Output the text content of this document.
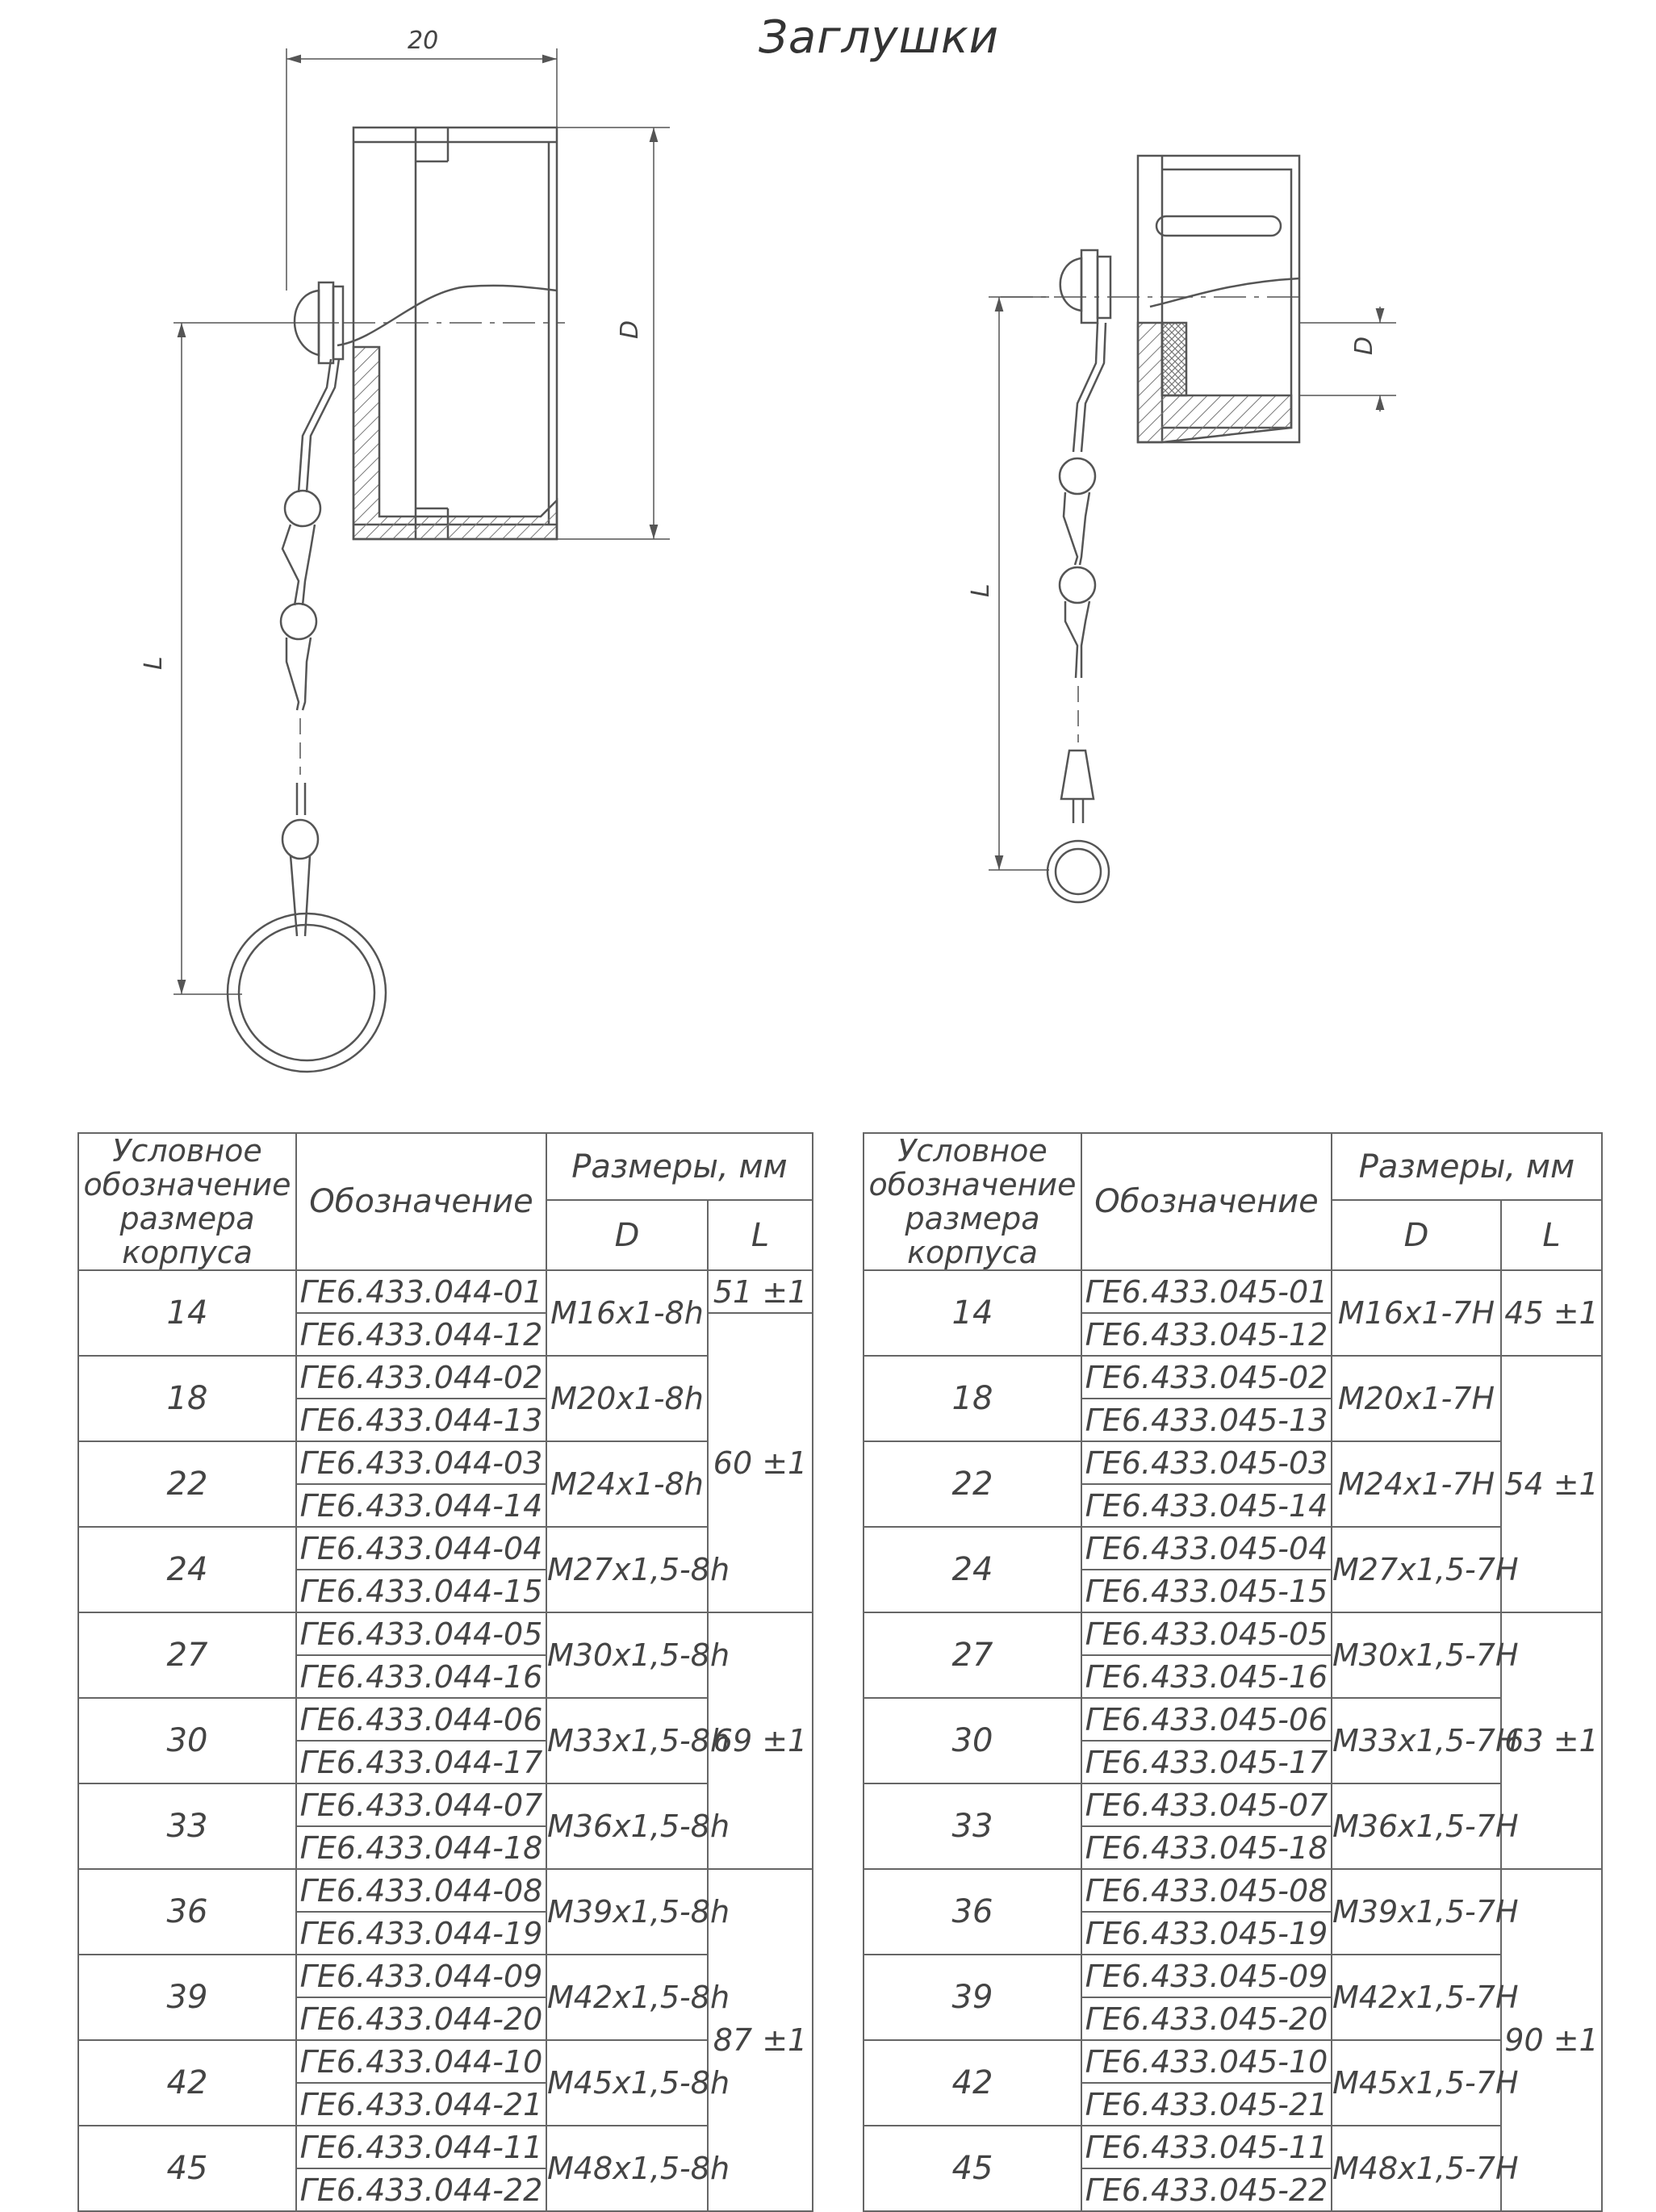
Заглушки
20
L
D
L
D
Условное обозначение размера корпуса	Обозначение	Размеры, мм	
		D	L
14	ГЕ6.433.044-01	M16x1-8h	51 ±1
	ГЕ6.433.044-12		60 ±1
18	ГЕ6.433.044-02	M20x1-8h	
	ГЕ6.433.044-13		
22	ГЕ6.433.044-03	M24x1-8h	
	ГЕ6.433.044-14		
24	ГЕ6.433.044-04	M27x1,5-8h	
	ГЕ6.433.044-15		
27	ГЕ6.433.044-05	M30x1,5-8h	69 ±1
	ГЕ6.433.044-16		
30	ГЕ6.433.044-06	M33x1,5-8h	
	ГЕ6.433.044-17		
33	ГЕ6.433.044-07	M36x1,5-8h	
	ГЕ6.433.044-18		
36	ГЕ6.433.044-08	M39x1,5-8h	87 ±1
	ГЕ6.433.044-19		
39	ГЕ6.433.044-09	M42x1,5-8h	
	ГЕ6.433.044-20		
42	ГЕ6.433.044-10	M45x1,5-8h	
	ГЕ6.433.044-21		
45	ГЕ6.433.044-11	M48x1,5-8h	
	ГЕ6.433.044-22		
Условное обозначение размера корпуса	Обозначение	Размеры, мм	
		D	L
14	ГЕ6.433.045-01	M16x1-7H	45 ±1
	ГЕ6.433.045-12		
18	ГЕ6.433.045-02	M20x1-7H	54 ±1
	ГЕ6.433.045-13		
22	ГЕ6.433.045-03	M24x1-7H	
	ГЕ6.433.045-14		
24	ГЕ6.433.045-04	M27x1,5-7H	
	ГЕ6.433.045-15		
27	ГЕ6.433.045-05	M30x1,5-7H	63 ±1
	ГЕ6.433.045-16		
30	ГЕ6.433.045-06	M33x1,5-7H	
	ГЕ6.433.045-17		
33	ГЕ6.433.045-07	M36x1,5-7H	
	ГЕ6.433.045-18		
36	ГЕ6.433.045-08	M39x1,5-7H	90 ±1
	ГЕ6.433.045-19		
39	ГЕ6.433.045-09	M42x1,5-7H	
	ГЕ6.433.045-20		
42	ГЕ6.433.045-10	M45x1,5-7H	
	ГЕ6.433.045-21		
45	ГЕ6.433.045-11	M48x1,5-7H	
	ГЕ6.433.045-22		
